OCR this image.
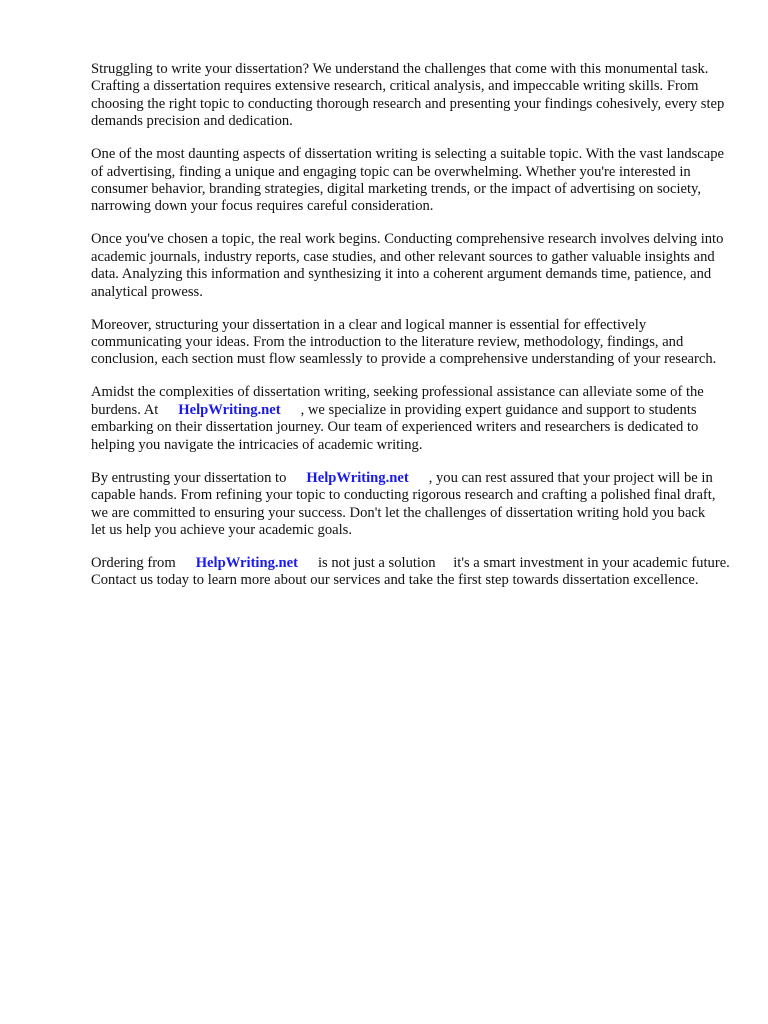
Struggling to write your dissertation? We understand the challenges that come with this monumental task. Crafting a dissertation requires extensive research, critical analysis, and impeccable writing skills. From choosing the right topic to conducting thorough research and presenting your findings cohesively, every step demands precision and dedication.

One of the most daunting aspects of dissertation writing is selecting a suitable topic. With the vast landscape of advertising, finding a unique and engaging topic can be overwhelming. Whether you're interested in consumer behavior, branding strategies, digital marketing trends, or the impact of advertising on society, narrowing down your focus requires careful consideration.

Once you've chosen a topic, the real work begins. Conducting comprehensive research involves delving into academic journals, industry reports, case studies, and other relevant sources to gather valuable insights and data. Analyzing this information and synthesizing it into a coherent argument demands time, patience, and analytical prowess.

Moreover, structuring your dissertation in a clear and logical manner is essential for effectively communicating your ideas. From the introduction to the literature review, methodology, findings, and conclusion, each section must flow seamlessly to provide a comprehensive understanding of your research.

Amidst the complexities of dissertation writing, seeking professional assistance can alleviate some of the burdens. At HelpWriting.net , we specialize in providing expert guidance and support to students embarking on their dissertation journey. Our team of experienced writers and researchers is dedicated to helping you navigate the intricacies of academic writing.

By entrusting your dissertation to HelpWriting.net , you can rest assured that your project will be in capable hands. From refining your topic to conducting rigorous research and crafting a polished final draft, we are committed to ensuring your success. Don't let the challenges of dissertation writing hold you back let us help you achieve your academic goals.

Ordering from HelpWriting.net is not just a solution it's a smart investment in your academic future. Contact us today to learn more about our services and take the first step towards dissertation excellence.
